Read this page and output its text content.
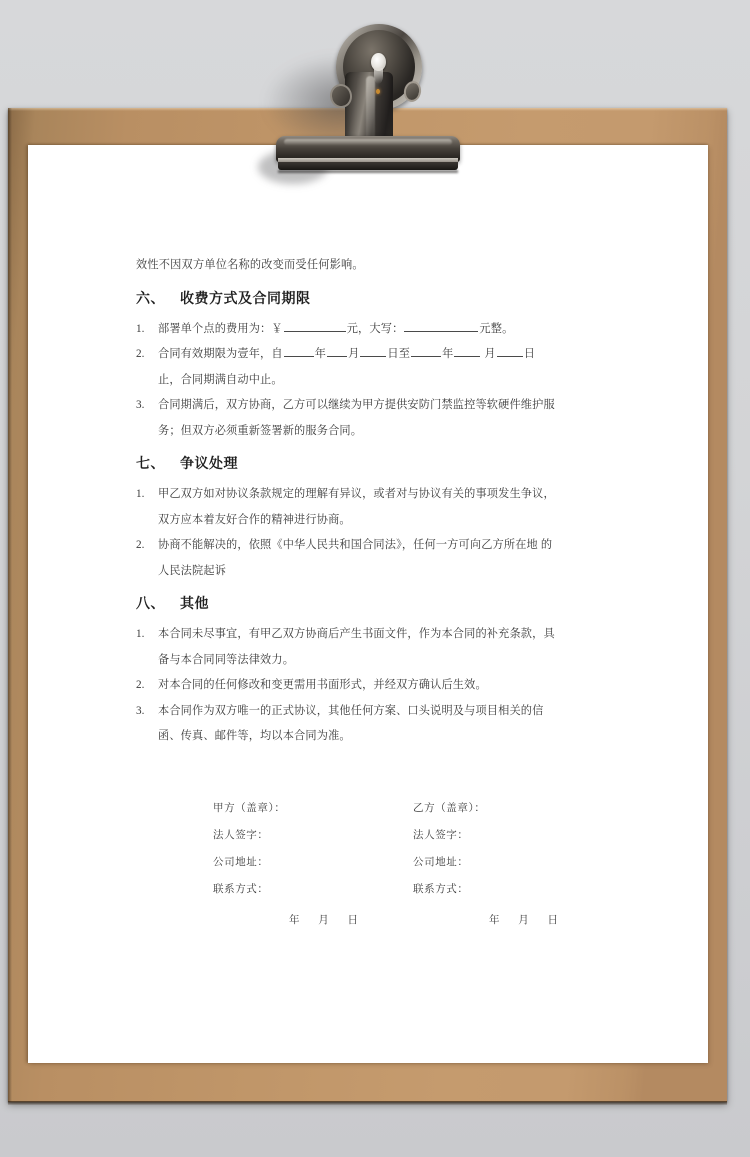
效性不因双方单位名称的改变而受任何影响。

六、	收费方式及合同期限
1.	部署单个点的费用为：￥	元，大写：	元整。
2.	合同有效期限为壹年，自	年 月	日至	年	月	日止，合同期满自动中止。
3.	合同期满后，双方协商，乙方可以继续为甲方提供安防门禁监控等软硬件维护服务；但双方必须重新签署新的服务合同。
七、	争议处理
1.	甲乙双方如对协议条款规定的理解有异议，或者对与协议有关的事项发生争议，双方应本着友好合作的精神进行协商。
2.	协商不能解决的，依照《中华人民共和国合同法》，任何一方可向乙方所在地 的人民法院起诉
八、	其他
1.	本合同未尽事宜，有甲乙双方协商后产生书面文件，作为本合同的补充条款，具备与本合同同等法律效力。
2.	对本合同的任何修改和变更需用书面形式，并经双方确认后生效。
3.	本合同作为双方唯一的正式协议，其他任何方案、口头说明及与项目相关的信函、传真、邮件等，均以本合同为准。
甲方（盖章）：	乙方（盖章）：
法人签字：	法人签字：
公司地址：	公司地址：
联系方式：	联系方式：
年 月 日	年 月 日
